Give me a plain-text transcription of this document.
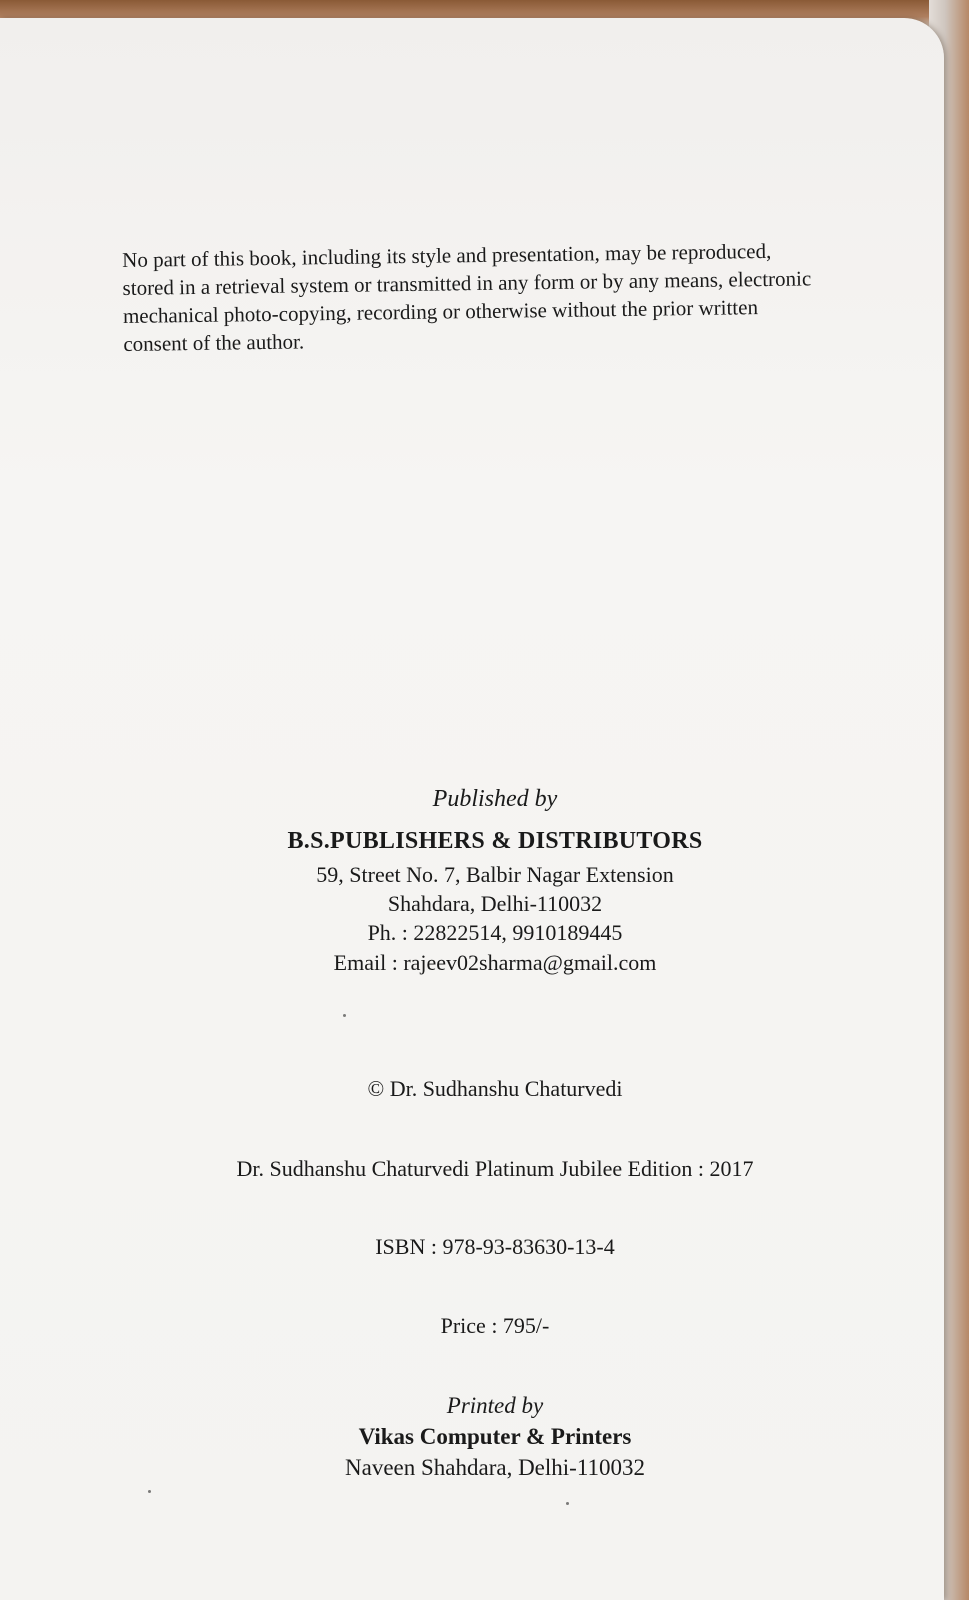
No part of this book, including its style and presentation, may be reproduced,
stored in a retrieval system or transmitted in any form or by any means, electronic
mechanical photo-copying, recording or otherwise without the prior written
consent of the author.
Published by
B.S.PUBLISHERS & DISTRIBUTORS
59, Street No. 7, Balbir Nagar Extension
Shahdara, Delhi-110032
Ph. : 22822514, 9910189445
Email : rajeev02sharma@gmail.com
© Dr. Sudhanshu Chaturvedi
Dr. Sudhanshu Chaturvedi Platinum Jubilee Edition : 2017
ISBN : 978-93-83630-13-4
Price : 795/-
Printed by
Vikas Computer & Printers
Naveen Shahdara, Delhi-110032
